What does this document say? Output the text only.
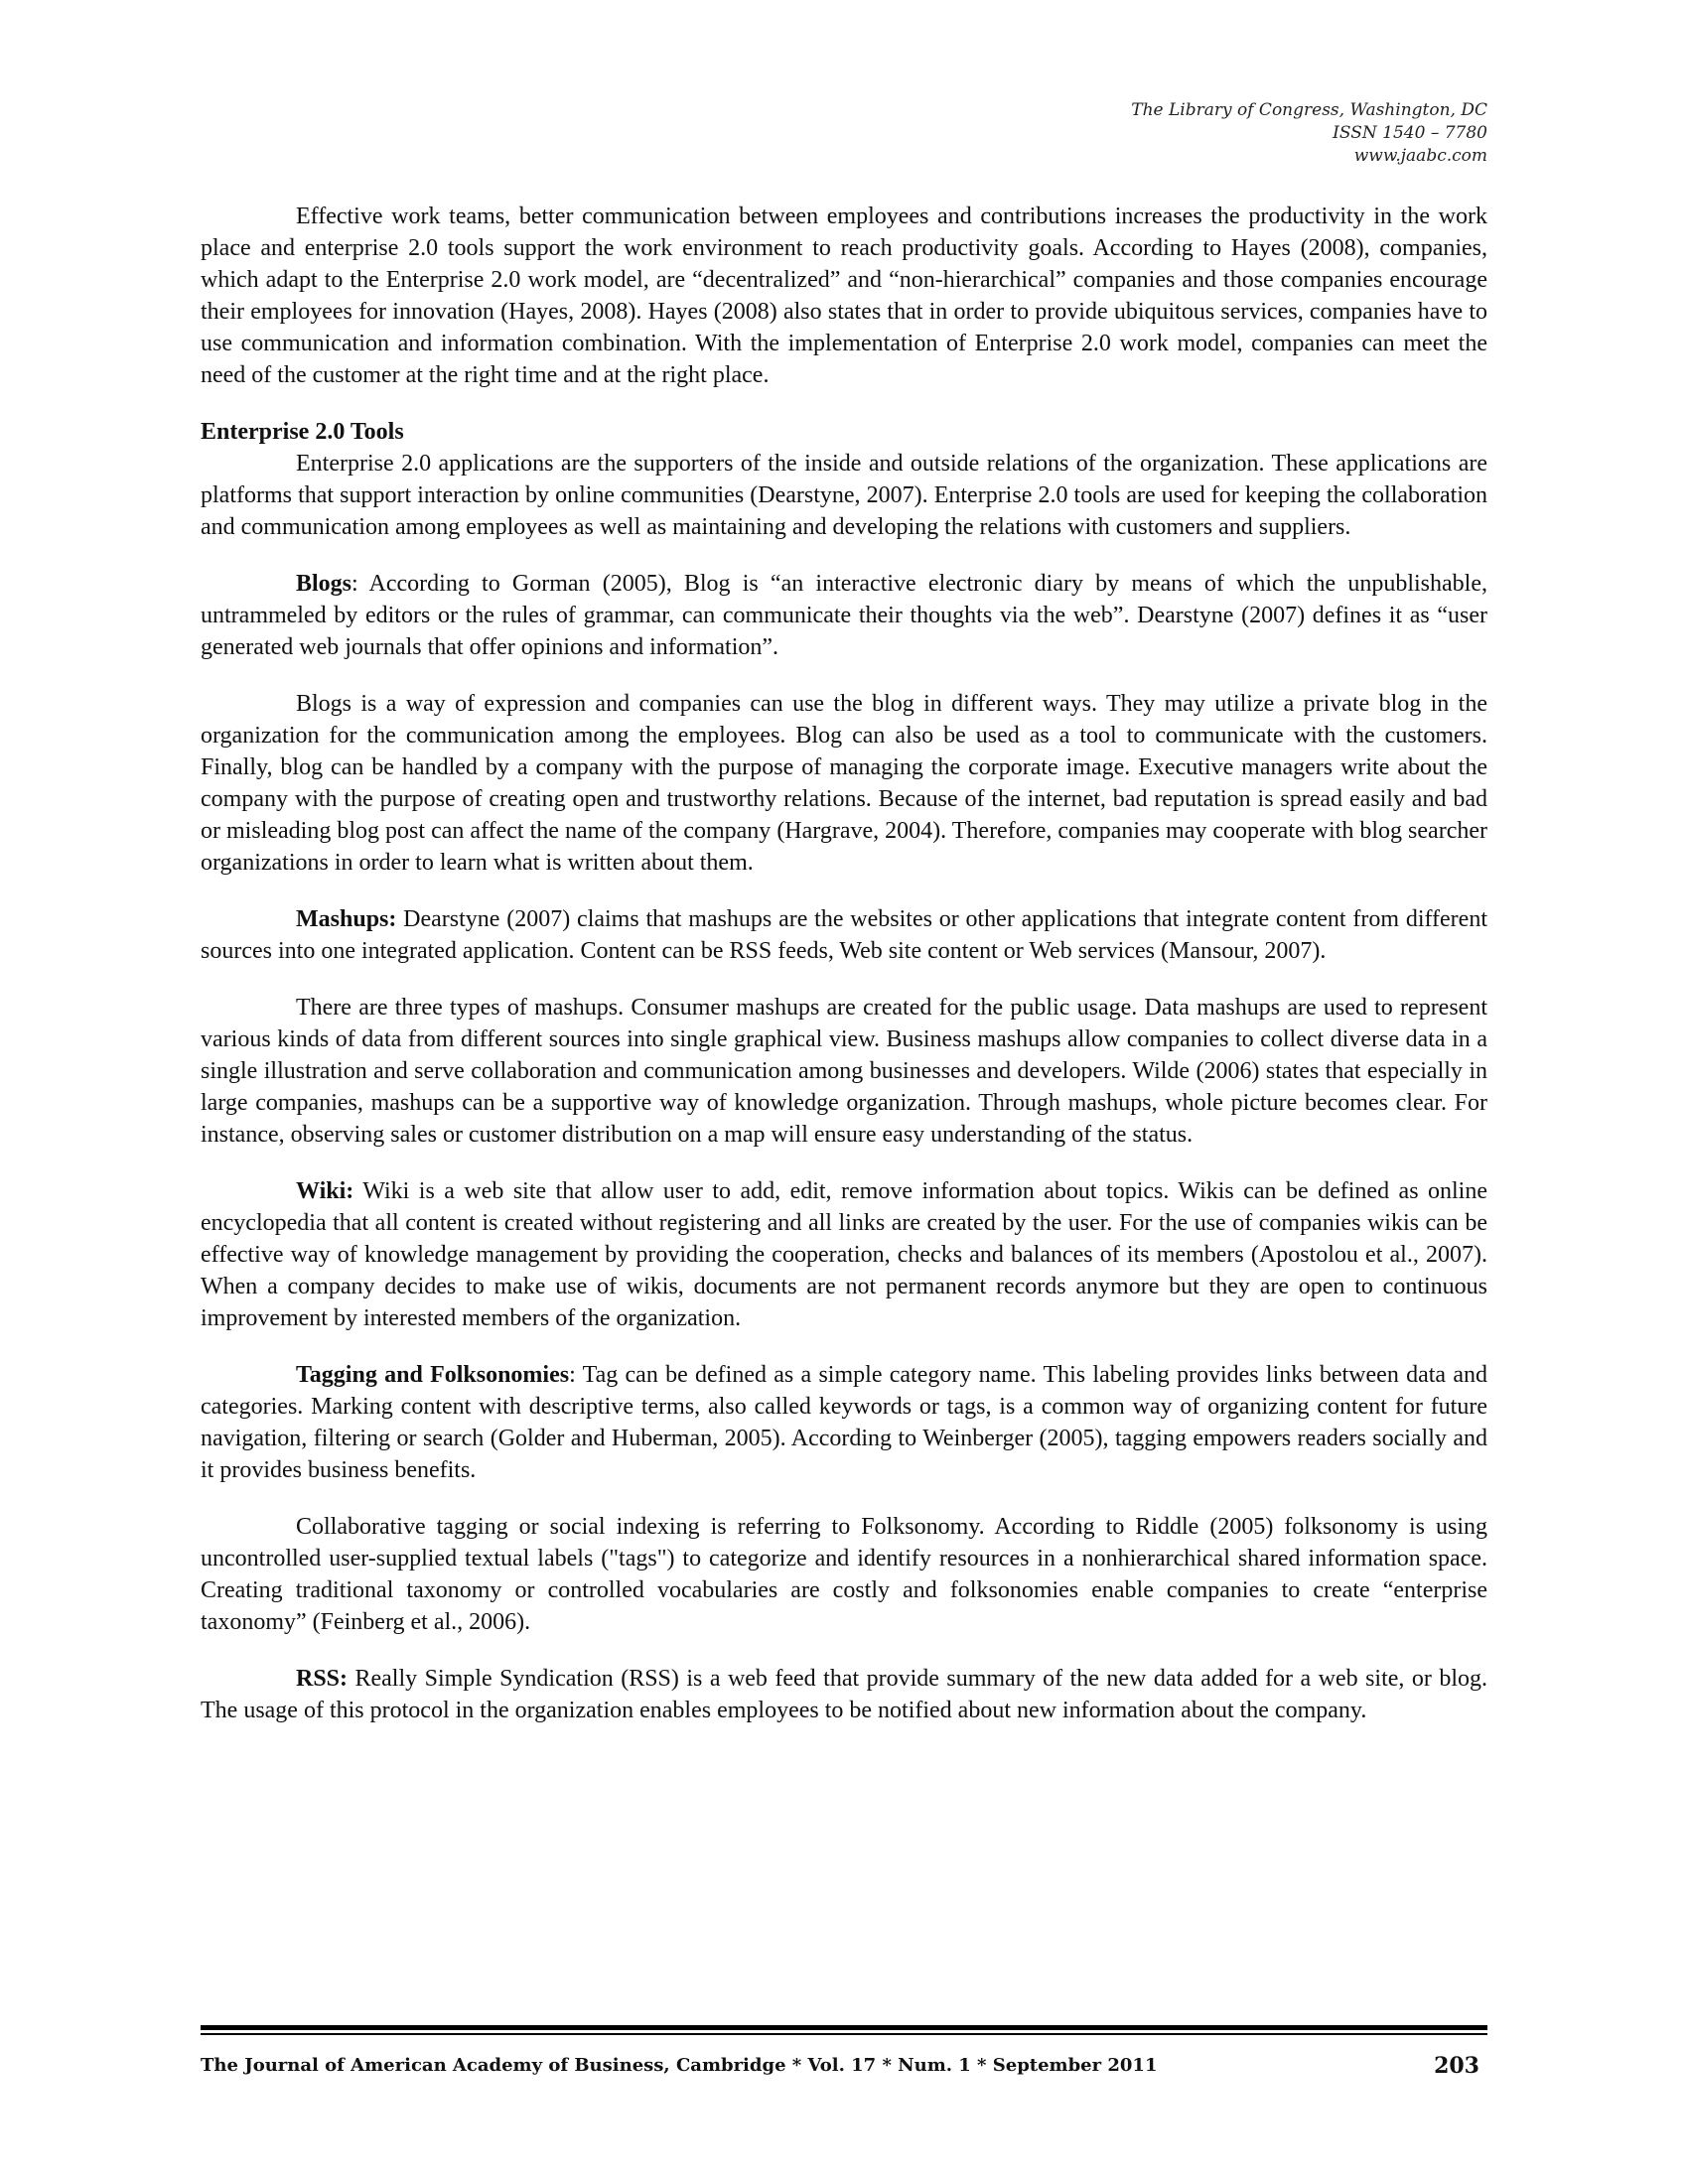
The Library of Congress, Washington, DC
ISSN 1540 – 7780
www.jaabc.com

Effective work teams, better communication between employees and contributions increases the productivity in the work place and enterprise 2.0 tools support the work environment to reach productivity goals. According to Hayes (2008), companies, which adapt to the Enterprise 2.0 work model, are “decentralized” and “non-hierarchical” companies and those companies encourage their employees for innovation (Hayes, 2008). Hayes (2008) also states that in order to provide ubiquitous services, companies have to use communication and information combination. With the implementation of Enterprise 2.0 work model, companies can meet the need of the customer at the right time and at the right place.

Enterprise 2.0 Tools

Enterprise 2.0 applications are the supporters of the inside and outside relations of the organization. These applications are platforms that support interaction by online communities (Dearstyne, 2007). Enterprise 2.0 tools are used for keeping the collaboration and communication among employees as well as maintaining and developing the relations with customers and suppliers.

Blogs: According to Gorman (2005), Blog is “an interactive electronic diary by means of which the unpublishable, untrammeled by editors or the rules of grammar, can communicate their thoughts via the web”. Dearstyne (2007) defines it as “user generated web journals that offer opinions and information”.

Blogs is a way of expression and companies can use the blog in different ways. They may utilize a private blog in the organization for the communication among the employees. Blog can also be used as a tool to communicate with the customers. Finally, blog can be handled by a company with the purpose of managing the corporate image. Executive managers write about the company with the purpose of creating open and trustworthy relations. Because of the internet, bad reputation is spread easily and bad or misleading blog post can affect the name of the company (Hargrave, 2004). Therefore, companies may cooperate with blog searcher organizations in order to learn what is written about them.

Mashups: Dearstyne (2007) claims that mashups are the websites or other applications that integrate content from different sources into one integrated application. Content can be RSS feeds, Web site content or Web services (Mansour, 2007).

There are three types of mashups. Consumer mashups are created for the public usage. Data mashups are used to represent various kinds of data from different sources into single graphical view. Business mashups allow companies to collect diverse data in a single illustration and serve collaboration and communication among businesses and developers. Wilde (2006) states that especially in large companies, mashups can be a supportive way of knowledge organization. Through mashups, whole picture becomes clear. For instance, observing sales or customer distribution on a map will ensure easy understanding of the status.

Wiki: Wiki is a web site that allow user to add, edit, remove information about topics. Wikis can be defined as online encyclopedia that all content is created without registering and all links are created by the user. For the use of companies wikis can be effective way of knowledge management by providing the cooperation, checks and balances of its members (Apostolou et al., 2007). When a company decides to make use of wikis, documents are not permanent records anymore but they are open to continuous improvement by interested members of the organization.

Tagging and Folksonomies: Tag can be defined as a simple category name. This labeling provides links between data and categories. Marking content with descriptive terms, also called keywords or tags, is a common way of organizing content for future navigation, filtering or search (Golder and Huberman, 2005). According to Weinberger (2005), tagging empowers readers socially and it provides business benefits.

Collaborative tagging or social indexing is referring to Folksonomy. According to Riddle (2005) folksonomy is using uncontrolled user-supplied textual labels ("tags") to categorize and identify resources in a nonhierarchical shared information space. Creating traditional taxonomy or controlled vocabularies are costly and folksonomies enable companies to create “enterprise taxonomy” (Feinberg et al., 2006).

RSS: Really Simple Syndication (RSS) is a web feed that provide summary of the new data added for a web site, or blog. The usage of this protocol in the organization enables employees to be notified about new information about the company.

The Journal of American Academy of Business, Cambridge * Vol. 17 * Num. 1 * September 2011	203
